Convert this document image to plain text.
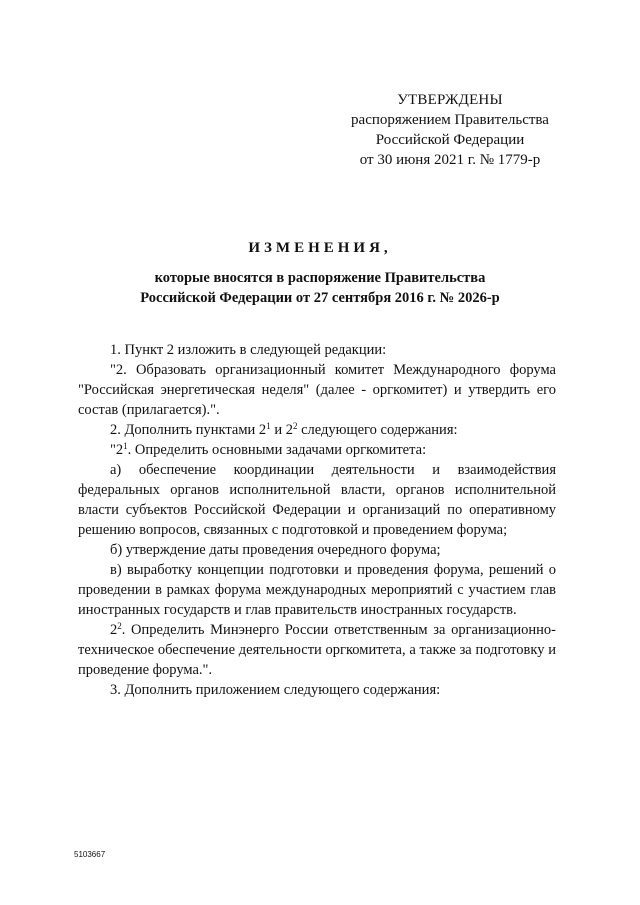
УТВЕРЖДЕНЫ
распоряжением Правительства
Российской Федерации
от 30 июня 2021 г. № 1779-р
ИЗМЕНЕНИЯ,
которые вносятся в распоряжение Правительства
Российской Федерации от 27 сентября 2016 г. № 2026-р

1. Пункт 2 изложить в следующей редакции:

"2. Образовать организационный комитет Международного форума "Российская энергетическая неделя" (далее - оргкомитет) и утвердить его состав (прилагается).".

2. Дополнить пунктами $2^1$ и $2^2$ следующего содержания:

"$2^1$. Определить основными задачами оргкомитета:

а) обеспечение координации деятельности и взаимодействия федеральных органов исполнительной власти, органов исполнительной власти субъектов Российской Федерации и организаций по оперативному решению вопросов, связанных с подготовкой и проведением форума;

б) утверждение даты проведения очередного форума;

в) выработку концепции подготовки и проведения форума, решений о проведении в рамках форума международных мероприятий с участием глав иностранных государств и глав правительств иностранных государств.

$2^2$. Определить Минэнерго России ответственным за организационно-техническое обеспечение деятельности оргкомитета, а также за подготовку и проведение форума.".

3. Дополнить приложением следующего содержания:

5103667
